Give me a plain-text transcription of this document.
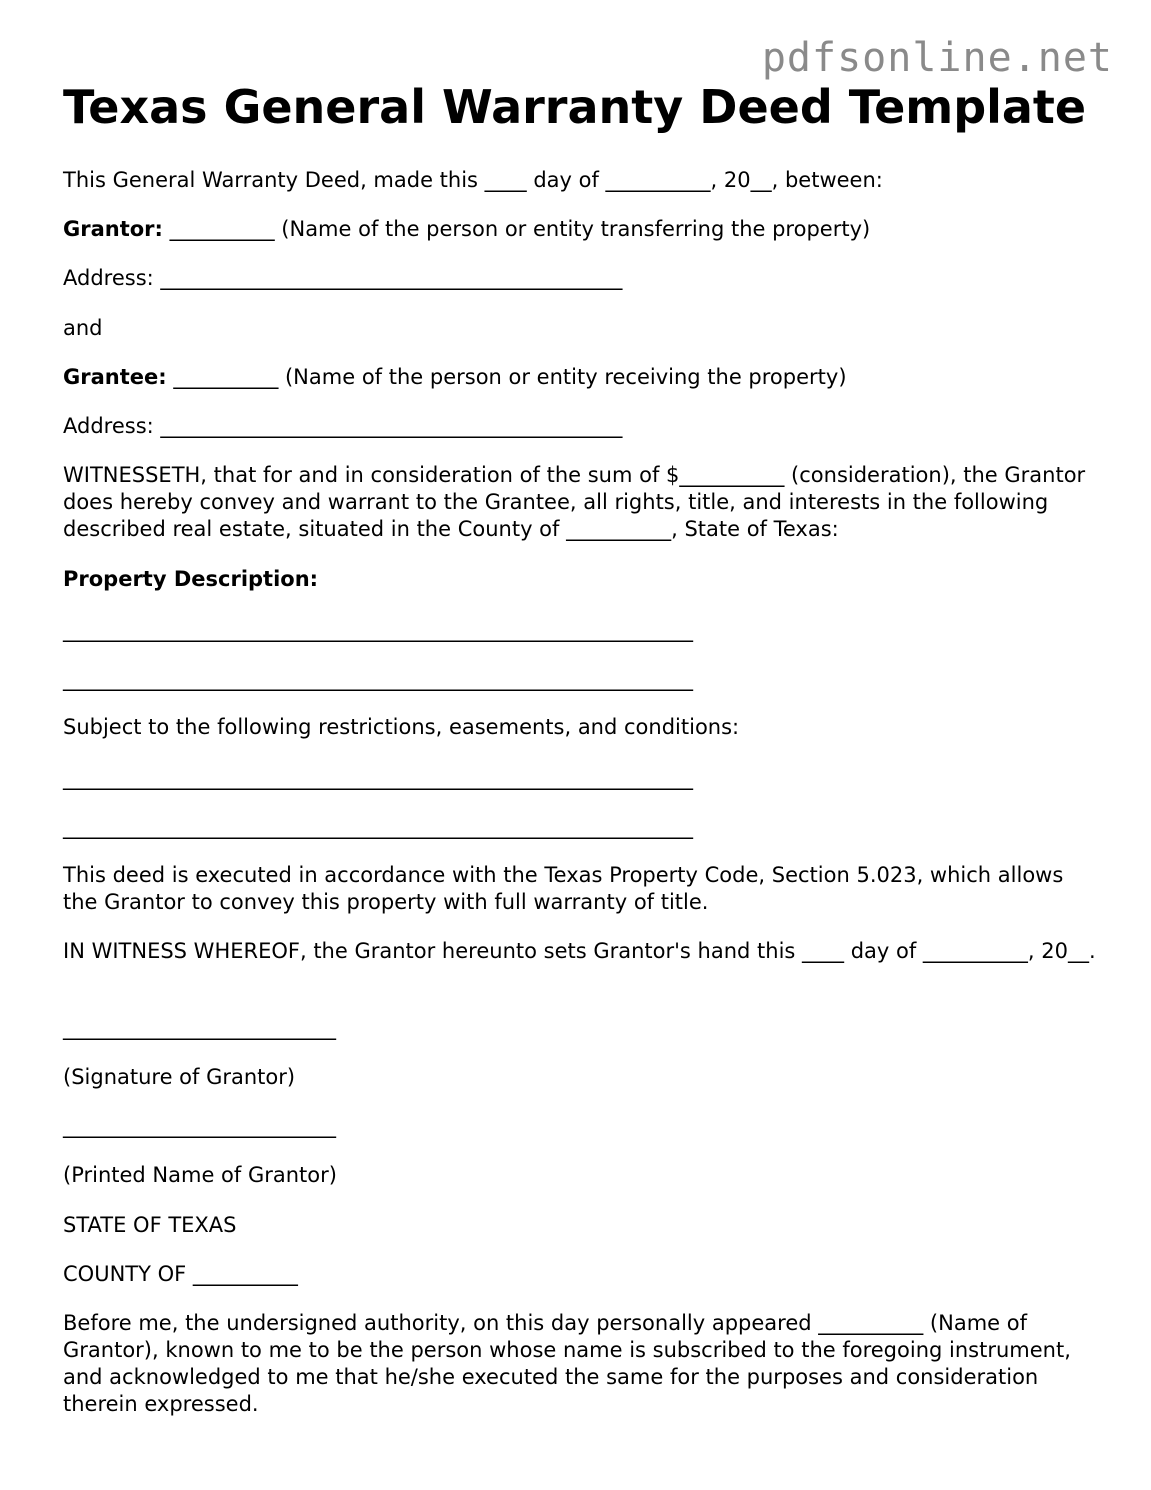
pdfsonline.net
Texas General Warranty Deed Template
This General Warranty Deed, made this ____ day of __________, 20__, between:
Grantor: __________ (Name of the person or entity transferring the property)
Address: ____________________________________________
and
Grantee: __________ (Name of the person or entity receiving the property)
Address: ____________________________________________
WITNESSETH, that for and in consideration of the sum of $__________ (consideration), the Grantor does hereby convey and warrant to the Grantee, all rights, title, and interests in the following described real estate, situated in the County of __________, State of Texas:
Property Description:
____________________________________________________________
____________________________________________________________
Subject to the following restrictions, easements, and conditions:
____________________________________________________________
____________________________________________________________
This deed is executed in accordance with the Texas Property Code, Section 5.023, which allows the Grantor to convey this property with full warranty of title.
IN WITNESS WHEREOF, the Grantor hereunto sets Grantor's hand this ____ day of __________, 20__.
__________________________
(Signature of Grantor)
__________________________
(Printed Name of Grantor)
STATE OF TEXAS
COUNTY OF __________
Before me, the undersigned authority, on this day personally appeared __________ (Name of Grantor), known to me to be the person whose name is subscribed to the foregoing instrument, and acknowledged to me that he/she executed the same for the purposes and consideration therein expressed.
